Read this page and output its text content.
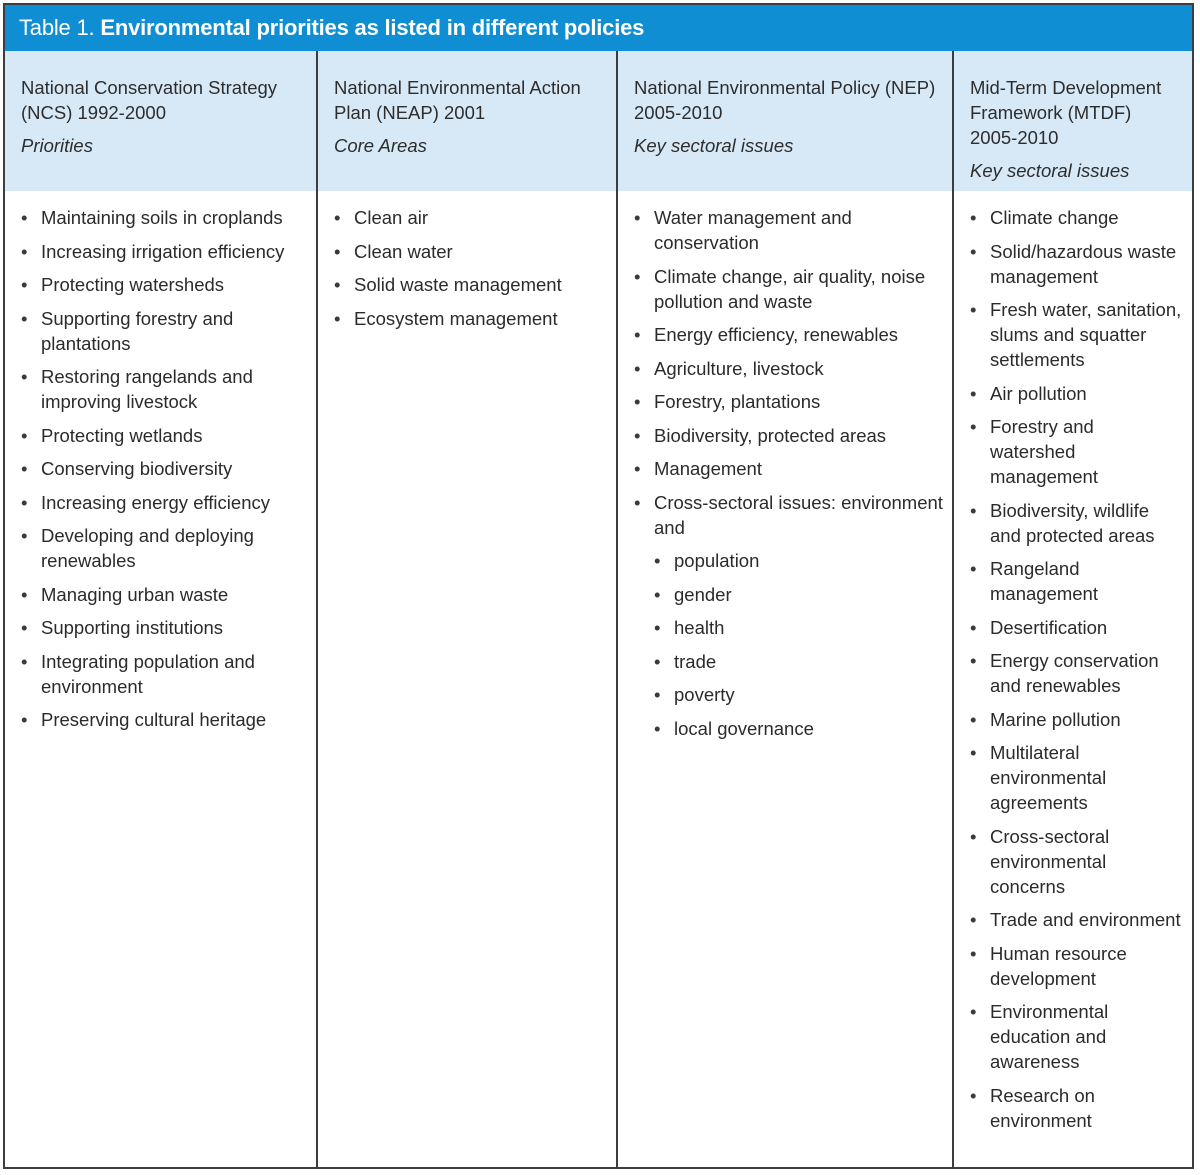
Table 1. Environmental priorities as listed in different policies
National Conservation Strategy (NCS) 1992-2000
Priorities
• Maintaining soils in croplands
• Increasing irrigation efficiency
• Protecting watersheds
• Supporting forestry and plantations
• Restoring rangelands and improving livestock
• Protecting wetlands
• Conserving biodiversity
• Increasing energy efficiency
• Developing and deploying renewables
• Managing urban waste
• Supporting institutions
• Integrating population and environment
• Preserving cultural heritage
National Environmental Action Plan (NEAP) 2001
Core Areas
• Clean air
• Clean water
• Solid waste management
• Ecosystem management
National Environmental Policy (NEP) 2005-2010
Key sectoral issues
• Water management and conservation
• Climate change, air quality, noise pollution and waste
• Energy efficiency, renewables
• Agriculture, livestock
• Forestry, plantations
• Biodiversity, protected areas
• Management
• Cross-sectoral issues: environment and
• population
• gender
• health
• trade
• poverty
• local governance
Mid-Term Development Framework (MTDF) 2005-2010
Key sectoral issues
• Climate change
• Solid/hazardous waste management
• Fresh water, sanitation, slums and squatter settlements
• Air pollution
• Forestry and watershed management
• Biodiversity, wildlife and protected areas
• Rangeland management
• Desertification
• Energy conservation and renewables
• Marine pollution
• Multilateral environmental agreements
• Cross-sectoral environmental concerns
• Trade and environment
• Human resource development
• Environmental education and awareness
• Research on environment
